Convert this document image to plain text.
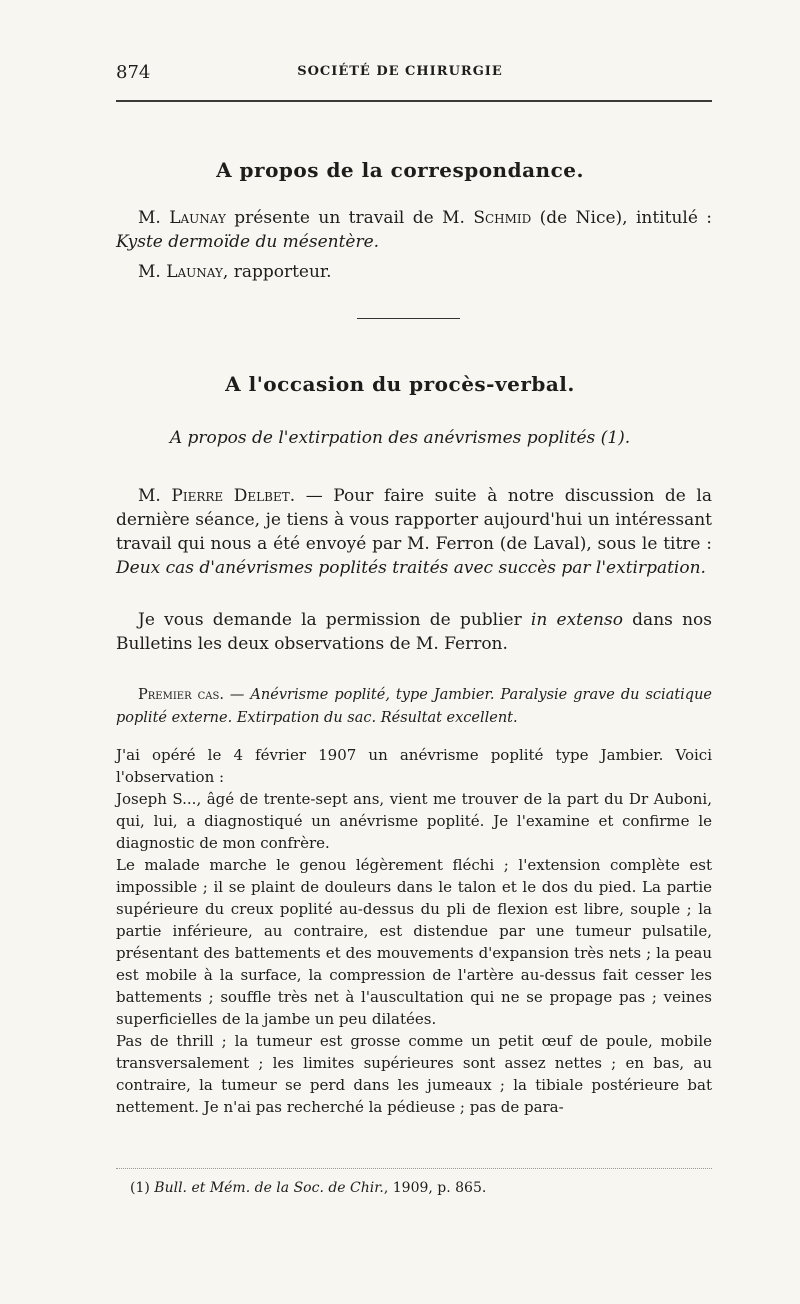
874	SOCIÉTÉ DE CHIRURGIE
A propos de la correspondance.

M. Launay présente un travail de M. Schmid (de Nice), intitulé : Kyste dermoïde du mésentère.

M. Launay, rapporteur.

A l'occasion du procès-verbal.
A propos de l'extirpation des anévrismes poplités (1).

M. Pierre Delbet. — Pour faire suite à notre discussion de la dernière séance, je tiens à vous rapporter aujourd'hui un intéressant travail qui nous a été envoyé par M. Ferron (de Laval), sous le titre : Deux cas d'anévrismes poplités traités avec succès par l'extirpation.

Je vous demande la permission de publier in extenso dans nos Bulletins les deux observations de M. Ferron.

Premier cas. — Anévrisme poplité, type Jambier. Paralysie grave du sciatique poplité externe. Extirpation du sac. Résultat excellent.

J'ai opéré le 4 février 1907 un anévrisme poplité type Jambier. Voici l'observation :

Joseph S..., âgé de trente-sept ans, vient me trouver de la part du Dr Auboni, qui, lui, a diagnostiqué un anévrisme poplité. Je l'examine et confirme le diagnostic de mon confrère.

Le malade marche le genou légèrement fléchi ; l'extension complète est impossible ; il se plaint de douleurs dans le talon et le dos du pied. La partie supérieure du creux poplité au-dessus du pli de flexion est libre, souple ; la partie inférieure, au contraire, est distendue par une tumeur pulsatile, présentant des battements et des mouvements d'expansion très nets ; la peau est mobile à la surface, la compression de l'artère au-dessus fait cesser les battements ; souffle très net à l'auscultation qui ne se propage pas ; veines superficielles de la jambe un peu dilatées.

Pas de thrill ; la tumeur est grosse comme un petit œuf de poule, mobile transversalement ; les limites supérieures sont assez nettes ; en bas, au contraire, la tumeur se perd dans les jumeaux ; la tibiale postérieure bat nettement. Je n'ai pas recherché la pédieuse ; pas de para-

(1) Bull. et Mém. de la Soc. de Chir., 1909, p. 865.
